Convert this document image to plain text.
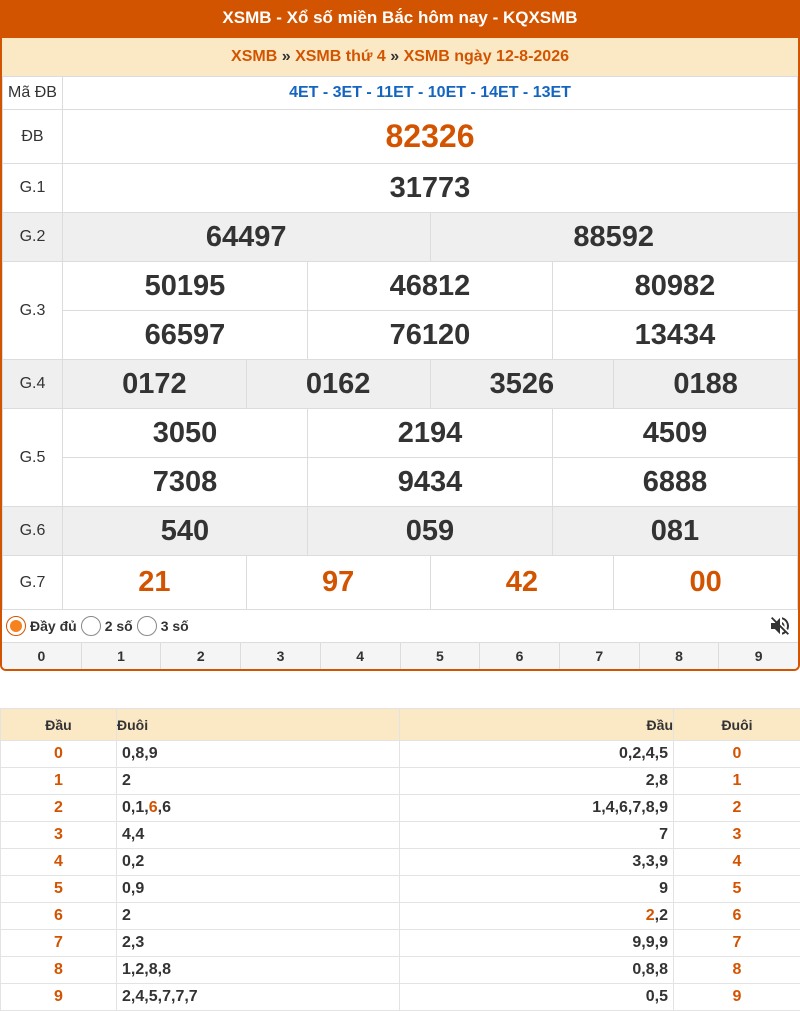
XSMB - Xổ số miền Bắc hôm nay - KQXSMB
XSMB » XSMB thứ 4 » XSMB ngày 12-8-2026
Mã ĐB	4ET - 3ET - 11ET - 10ET - 14ET - 13ET					
ĐB	82326					
G.1	31773					
G.2	64497			88592		
G.3	50195		46812		80982	
	66597		76120		13434	
G.4	0172	0162		3526		0188
G.5	3050		2194		4509	
	7308		9434		6888	
G.6	540		059		081	
G.7	21	97		42		00
Đầy đủ 2 số 3 số
0	1	2	3	4	5	6	7	8	9
Đầu	Đuôi	Đầu	Đuôi
0	0,8,9	0,2,4,5	0
1	2	2,8	1
2	0,1,6,6	1,4,6,7,8,9	2
3	4,4	7	3
4	0,2	3,3,9	4
5	0,9	9	5
6	2	2,2	6
7	2,3	9,9,9	7
8	1,2,8,8	0,8,8	8
9	2,4,5,7,7,7	0,5	9
